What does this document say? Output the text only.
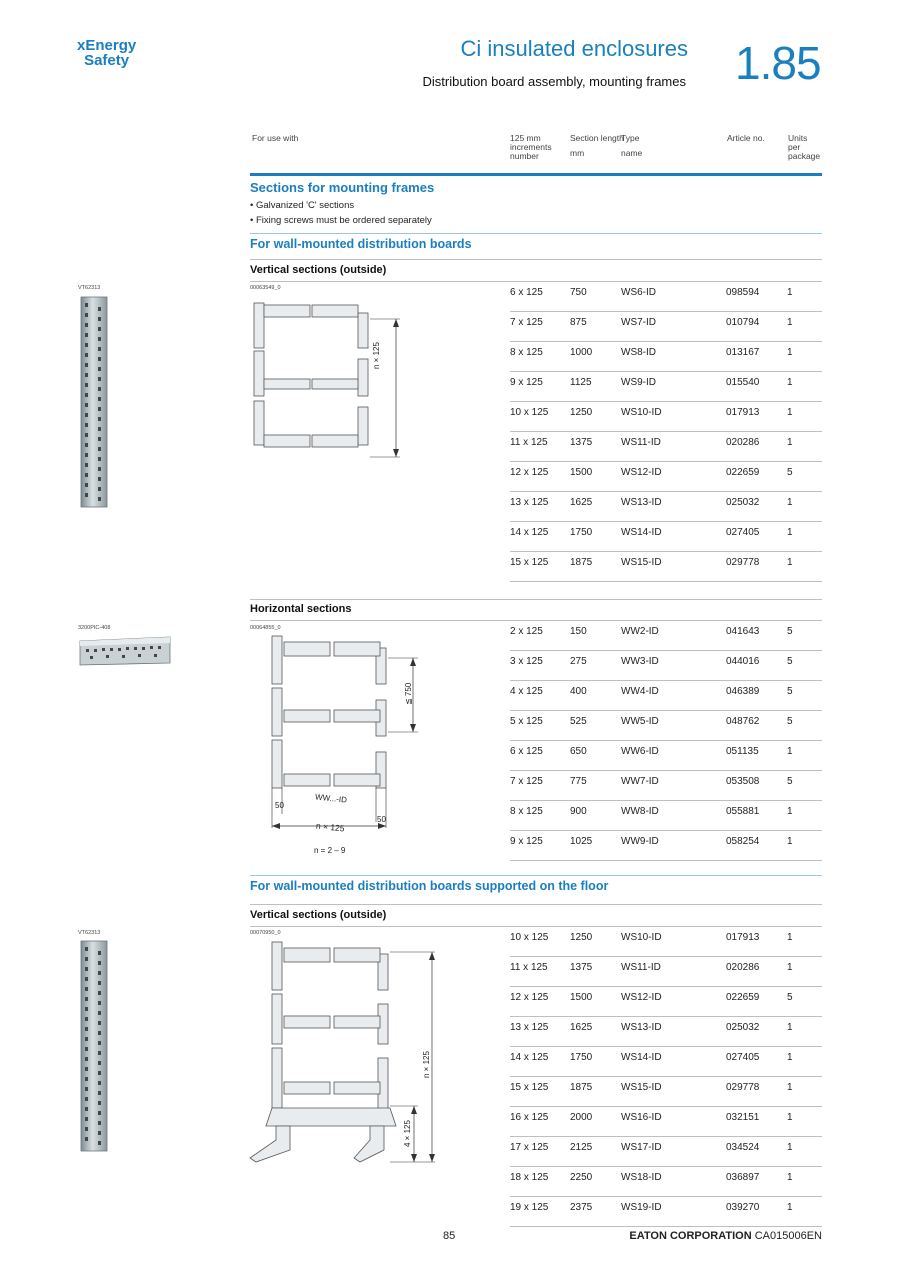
xEnergy
Safety	Ci insulated enclosures
Distribution board assembly, mounting frames 1.85
For use with	125 mm
increments
number
Section length
mm
Type
name
Article no.	Units
per
package
Sections for mounting frames
• Galvanized 'C' sections
• Fixing screws must be ordered separately
For wall-mounted distribution boards
Vertical sections (outside)
VT62313	00063549_0
n × 125
6 x 125	750	WS6-ID	098594	1
7 x 125	875	WS7-ID	010794	1
8 x 125	1000	WS8-ID	013167	1
9 x 125	1125	WS9-ID	015540	1
10 x 125 1250	WS10-ID	017913	1
11 x 125 1375	WS11-ID	020286	1
12 x 125 1500	WS12-ID	022659	5
13 x 125 1625	WS13-ID	025032	1
14 x 125 1750	WS14-ID	027405	1
15 x 125 1875	WS15-ID	029778	1
Horizontal sections
3200PIC-408	00064855_0
≦ 750
50
WW...-ID
50
n × 125
n = 2 – 9
2 x 125	150	WW2-ID	041643	5
3 x 125	275	WW3-ID	044016	5
4 x 125	400	WW4-ID	046389	5
5 x 125	525	WW5-ID	048762	5
6 x 125	650	WW6-ID	051135	1
7 x 125	775	WW7-ID	053508	5
8 x 125	900	WW8-ID	055881	1
9 x 125	1025	WW9-ID	058254	1
For wall-mounted distribution boards supported on the floor
Vertical sections (outside)
VT62313	00070950_0
n × 125
4 × 125
10 x 125 1250	WS10-ID	017913	1
11 x 125 1375	WS11-ID	020286	1
12 x 125 1500	WS12-ID	022659	5
13 x 125 1625	WS13-ID	025032	1
14 x 125 1750	WS14-ID	027405	1
15 x 125 1875	WS15-ID	029778	1
16 x 125 2000	WS16-ID	032151	1
17 x 125 2125	WS17-ID	034524	1
18 x 125 2250	WS18-ID	036897	1
19 x 125 2375	WS19-ID	039270	1
85	EATON CORPORATION CA015006EN
